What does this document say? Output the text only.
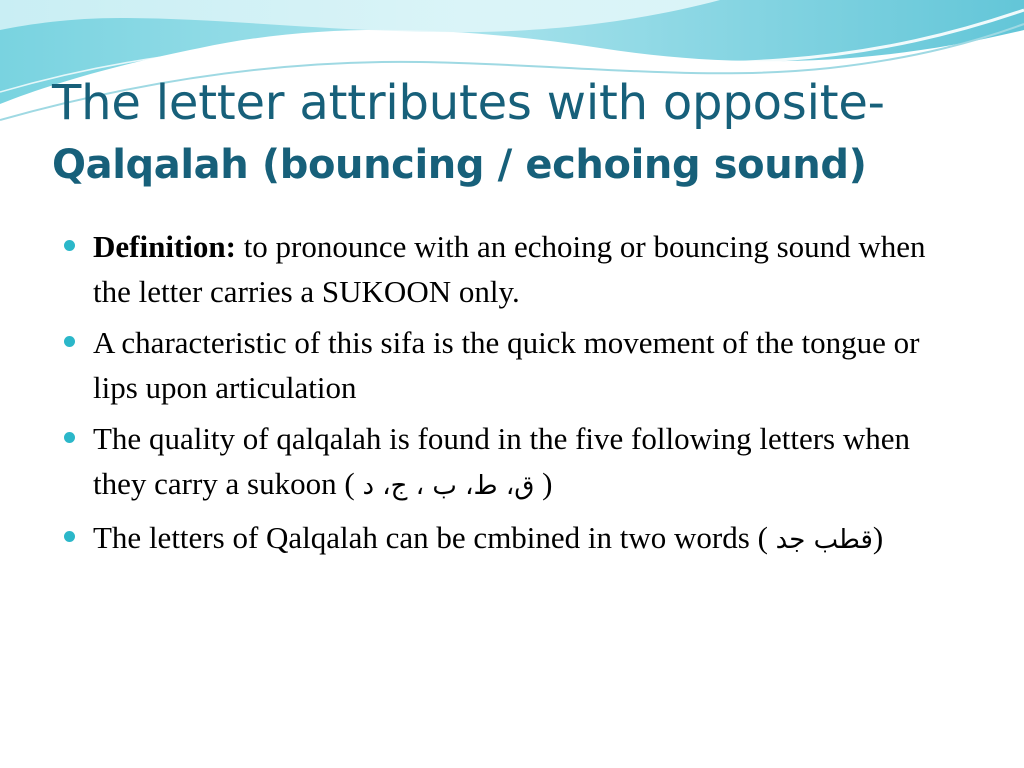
The letter attributes with opposite-
Qalqalah (bouncing / echoing sound)
Definition: to pronounce with an echoing or bouncing sound when the letter carries a SUKOON only.
A characteristic of this sifa is the quick movement of the tongue or lips upon articulation
The quality of qalqalah is found in the five following letters when they carry a sukoon ( ق، ط، ب ، ج، د )
The letters of Qalqalah can be cmbined in two words ( قطب جد)
